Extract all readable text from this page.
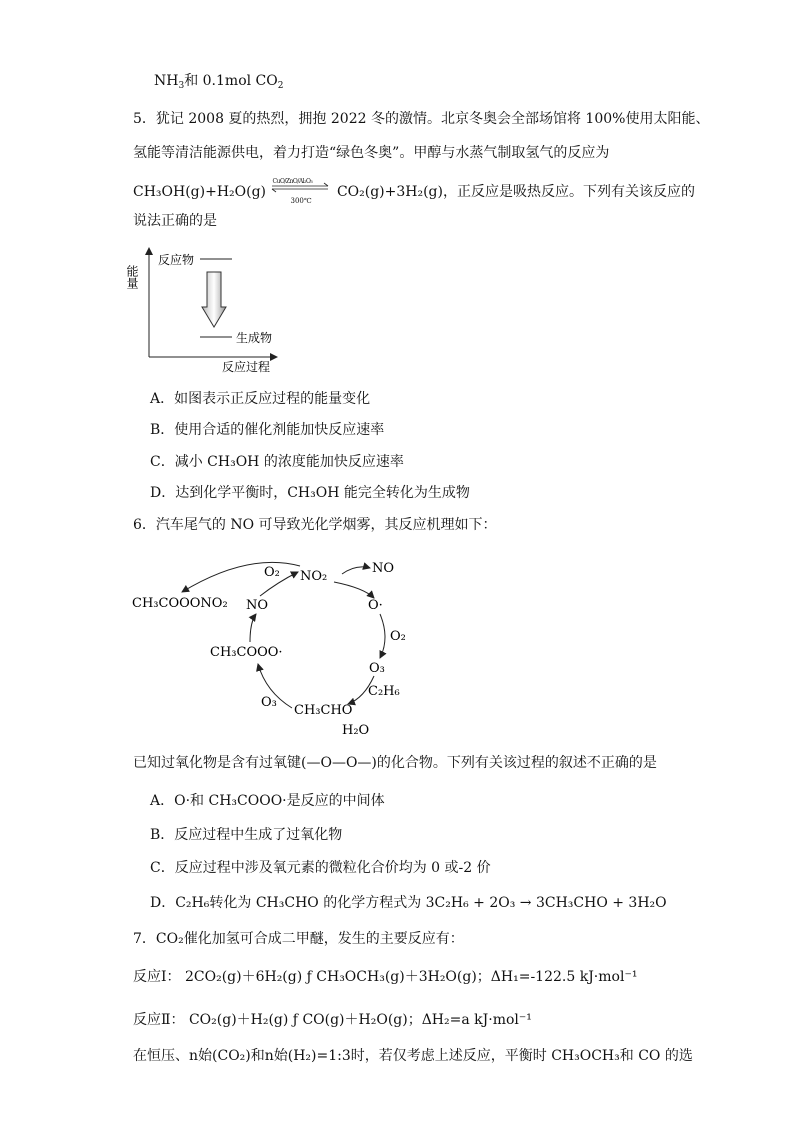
$NH_3$和 0.1mol $CO_2$
5．犹记 2008 夏的热烈，拥抱 2022 冬的激情。北京冬奥会全部场馆将 100%使用太阳能、
氢能等清洁能源供电，着力打造“绿色冬奥”。甲醇与水蒸气制取氢气的反应为
CH₃OH(g)+H₂O(g)
CuO/ZnO/Al₂O₃
300℃
CO₂(g)+3H₂(g)，正反应是吸热反应。下列有关该反应的
说法正确的是
能量
反应物
生成物
反应过程
A．如图表示正反应过程的能量变化
B．使用合适的催化剂能加快反应速率
C．减小 CH₃OH 的浓度能加快反应速率
D．达到化学平衡时，CH₃OH 能完全转化为生成物
6．汽车尾气的 NO 可导致光化学烟雾，其反应机理如下：
O₂ NO₂
NO
NO
CH₃COOONO₂	O·
O₂
CH₃COOO·
O₃
C₂H₆
O₃
CH₃CHO
H₂O
已知过氧化物是含有过氧键(—O—O—)的化合物。下列有关该过程的叙述不正确的是
A．O·和 CH₃COOO·是反应的中间体
B．反应过程中生成了过氧化物
C．反应过程中涉及氧元素的微粒化合价均为 0 或-2 价
D．C₂H₆转化为 CH₃CHO 的化学方程式为 3C₂H₆ + 2O₃ → 3CH₃CHO + 3H₂O
7．CO₂催化加氢可合成二甲醚，发生的主要反应有：
反应Ⅰ： 2CO₂(g)＋6H₂(g) ƒ CH₃OCH₃(g)＋3H₂O(g)；ΔH₁=-122.5 kJ·mol⁻¹
反应Ⅱ： CO₂(g)＋H₂(g) ƒ CO(g)＋H₂O(g)；ΔH₂=a kJ·mol⁻¹
在恒压、n始(CO₂)和n始(H₂)=1:3时，若仅考虑上述反应，平衡时 CH₃OCH₃和 CO 的选
